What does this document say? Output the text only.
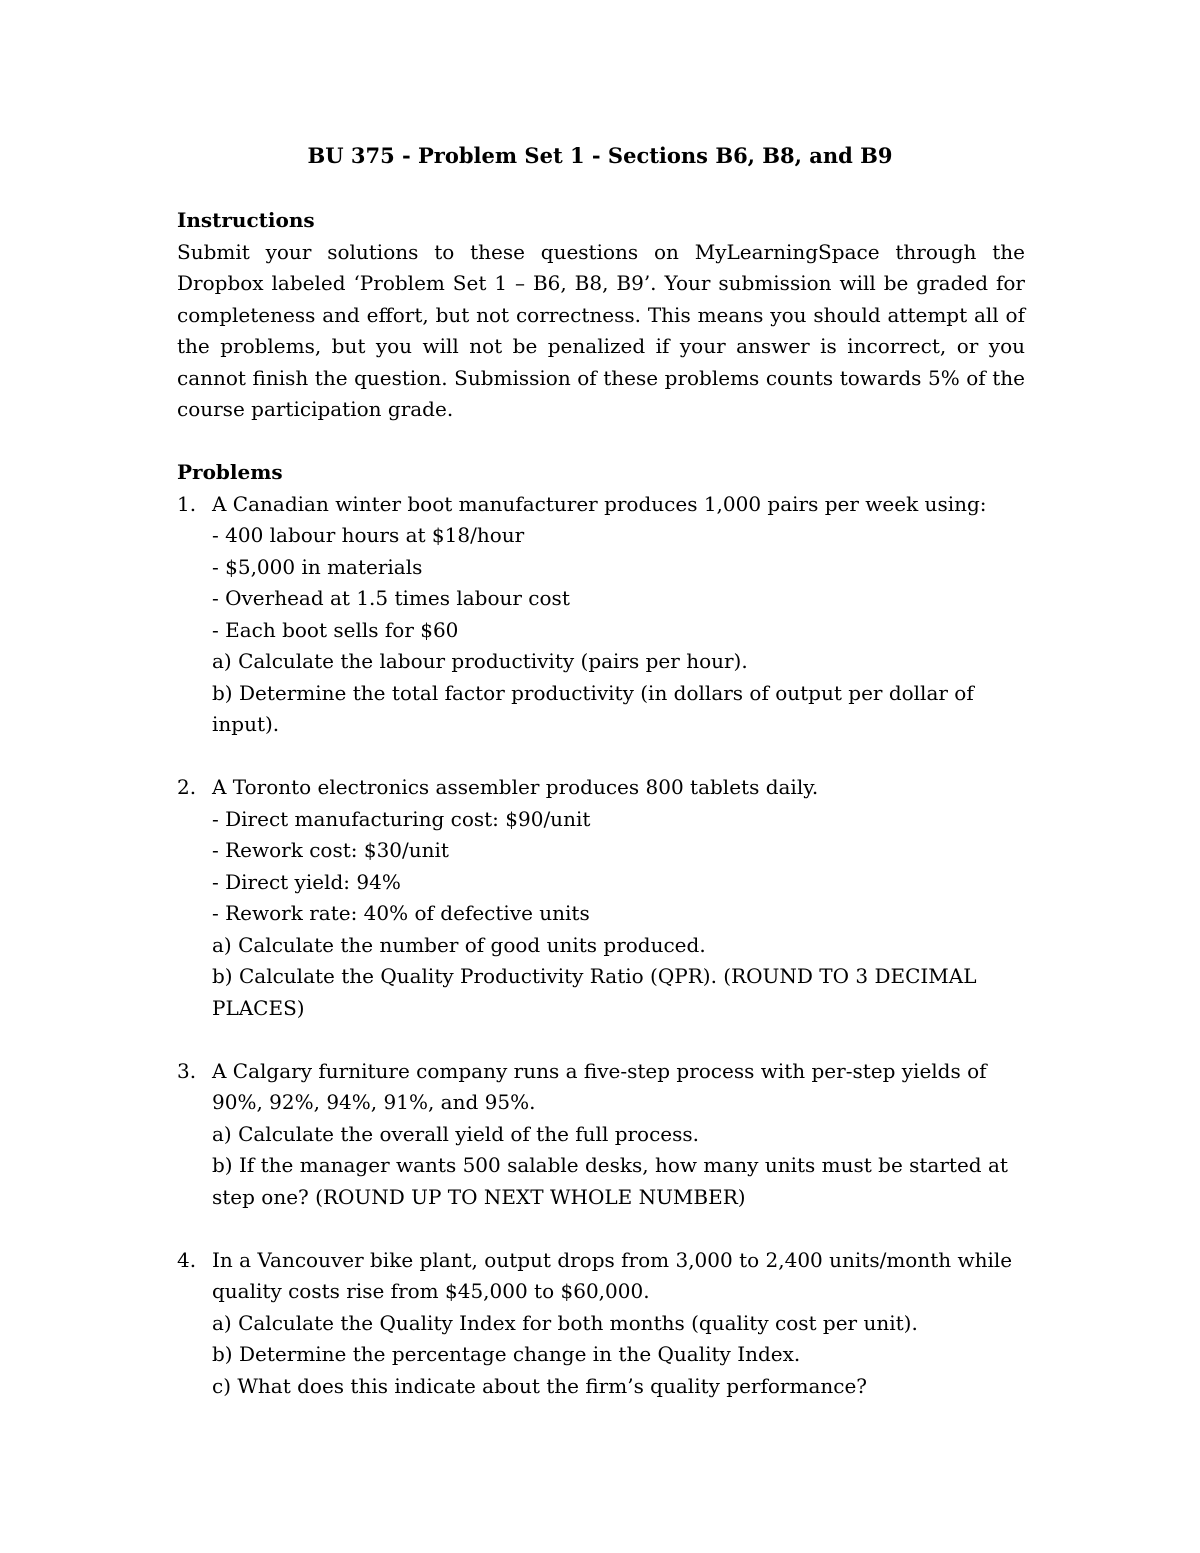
BU 375 - Problem Set 1 - Sections B6, B8, and B9

Instructions

Submit your solutions to these questions on MyLearningSpace through the Dropbox labeled ‘Problem Set 1 – B6, B8, B9’. Your submission will be graded for completeness and effort, but not correctness. This means you should attempt all of the problems, but you will not be penalized if your answer is incorrect, or you cannot finish the question. Submission of these problems counts towards 5% of the course participation grade.

Problems

1. A Canadian winter boot manufacturer produces 1,000 pairs per week using:
- 400 labour hours at $18/hour
- $5,000 in materials
- Overhead at 1.5 times labour cost
- Each boot sells for $60
a) Calculate the labour productivity (pairs per hour).
b) Determine the total factor productivity (in dollars of output per dollar of input).
2. A Toronto electronics assembler produces 800 tablets daily.
- Direct manufacturing cost: $90/unit
- Rework cost: $30/unit
- Direct yield: 94%
- Rework rate: 40% of defective units
a) Calculate the number of good units produced.
b) Calculate the Quality Productivity Ratio (QPR). (ROUND TO 3 DECIMAL PLACES)
3. A Calgary furniture company runs a five-step process with per-step yields of 90%, 92%, 94%, 91%, and 95%.
a) Calculate the overall yield of the full process.
b) If the manager wants 500 salable desks, how many units must be started at step one? (ROUND UP TO NEXT WHOLE NUMBER)
4. In a Vancouver bike plant, output drops from 3,000 to 2,400 units/month while quality costs rise from $45,000 to $60,000.
a) Calculate the Quality Index for both months (quality cost per unit).
b) Determine the percentage change in the Quality Index.
c) What does this indicate about the firm’s quality performance?
